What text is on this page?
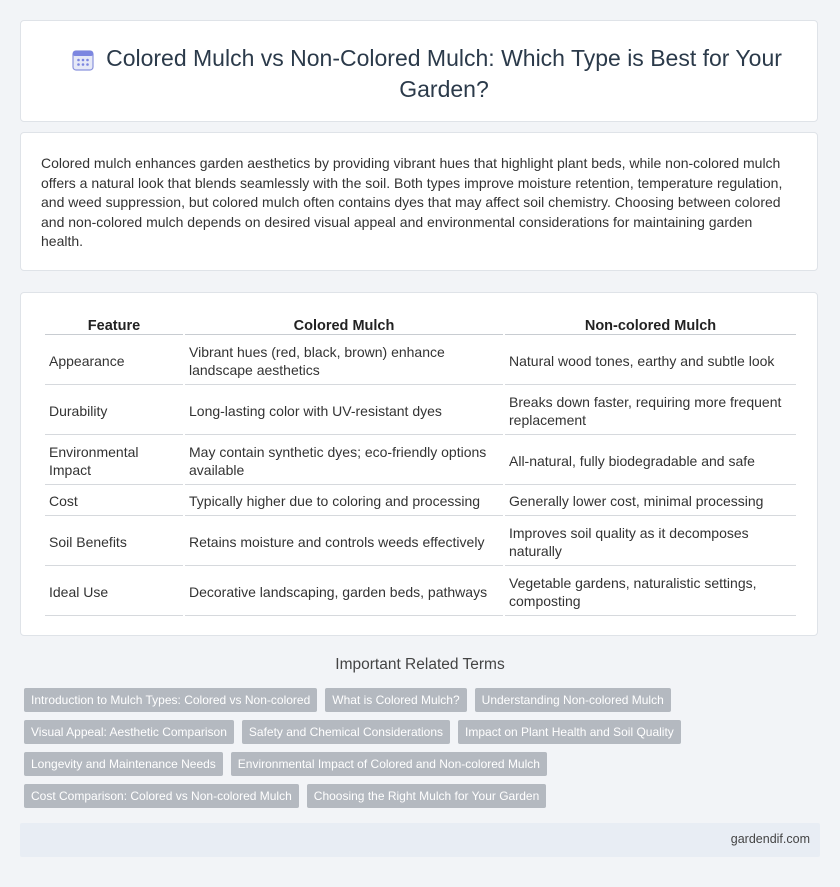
Colored Mulch vs Non-Colored Mulch: Which Type is Best for Your Garden?
Colored mulch enhances garden aesthetics by providing vibrant hues that highlight plant beds, while non-colored mulch offers a natural look that blends seamlessly with the soil. Both types improve moisture retention, temperature regulation, and weed suppression, but colored mulch often contains dyes that may affect soil chemistry. Choosing between colored and non-colored mulch depends on desired visual appeal and environmental considerations for maintaining garden health.
Feature	Colored Mulch	Non-colored Mulch
Appearance	Vibrant hues (red, black, brown) enhance landscape aesthetics	Natural wood tones, earthy and subtle look
Durability	Long-lasting color with UV-resistant dyes	Breaks down faster, requiring more frequent replacement
Environmental Impact	May contain synthetic dyes; eco-friendly options available	All-natural, fully biodegradable and safe
Cost	Typically higher due to coloring and processing	Generally lower cost, minimal processing
Soil Benefits	Retains moisture and controls weeds effectively	Improves soil quality as it decomposes naturally
Ideal Use	Decorative landscaping, garden beds, pathways	Vegetable gardens, naturalistic settings, composting
Important Related Terms
Introduction to Mulch Types: Colored vs Non-colored	What is Colored Mulch?	Understanding Non-colored Mulch
Visual Appeal: Aesthetic Comparison	Safety and Chemical Considerations	Impact on Plant Health and Soil Quality
Longevity and Maintenance Needs	Environmental Impact of Colored and Non-colored Mulch
Cost Comparison: Colored vs Non-colored Mulch	Choosing the Right Mulch for Your Garden
gardendif.com
